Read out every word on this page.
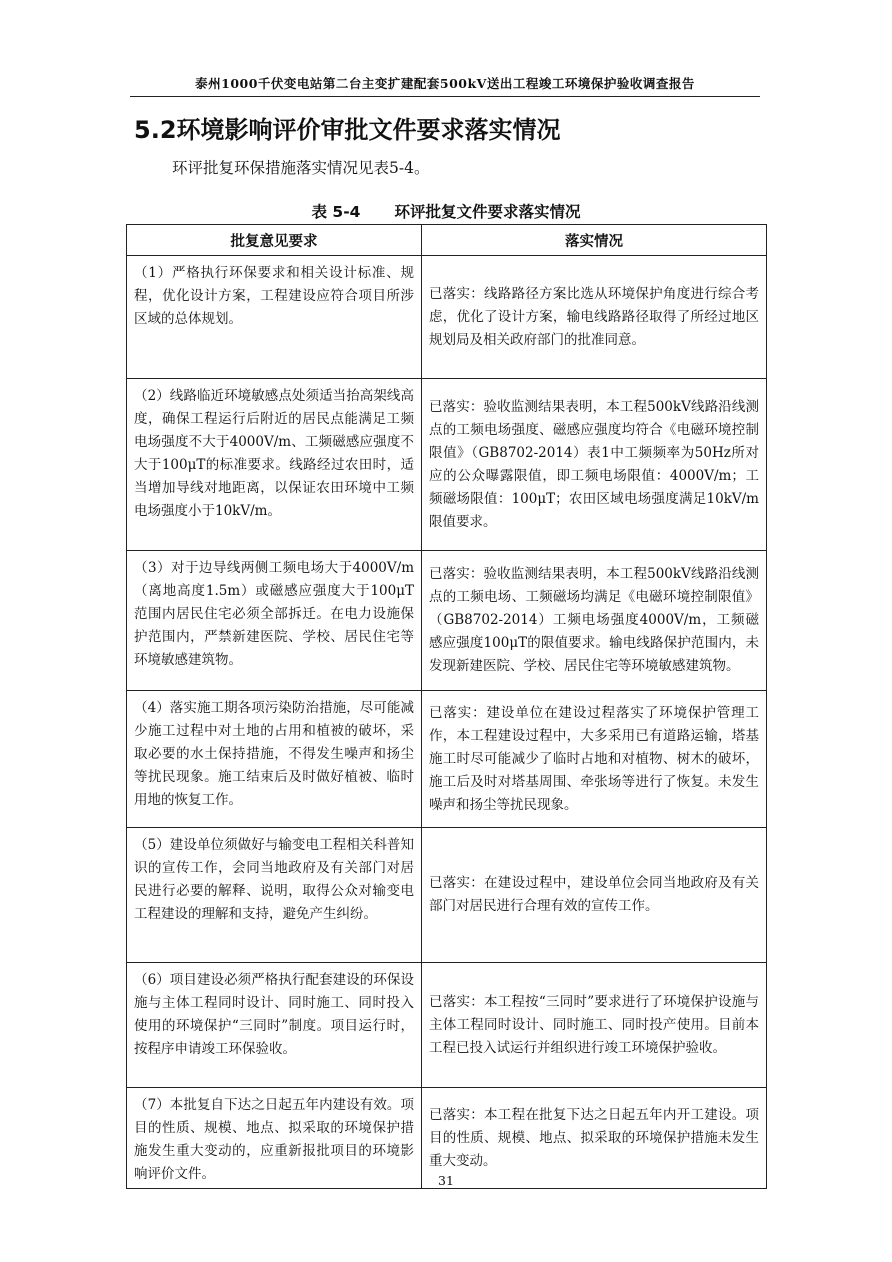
泰州1000千伏变电站第二台主变扩建配套500kV送出工程竣工环境保护验收调查报告
5.2环境影响评价审批文件要求落实情况
环评批复环保措施落实情况见表5-4。
表 5-4 环评批复文件要求落实情况
批复意见要求	落实情况
（1）严格执行环保要求和相关设计标准、规程，优化设计方案，工程建设应符合项目所涉区域的总体规划。	已落实：线路路径方案比选从环境保护角度进行综合考虑，优化了设计方案，输电线路路径取得了所经过地区规划局及相关政府部门的批准同意。
（2）线路临近环境敏感点处须适当抬高架线高度，确保工程运行后附近的居民点能满足工频电场强度不大于4000V/m、工频磁感应强度不大于100μT的标准要求。线路经过农田时，适当增加导线对地距离，以保证农田环境中工频电场强度小于10kV/m。	已落实：验收监测结果表明，本工程500kV线路沿线测点的工频电场强度、磁感应强度均符合《电磁环境控制限值》（GB8702-2014）表1中工频频率为50Hz所对应的公众曝露限值，即工频电场限值：4000V/m；工频磁场限值：100μT；农田区域电场强度满足10kV/m限值要求。
（3）对于边导线两侧工频电场大于4000V/m（离地高度1.5m）或磁感应强度大于100μT范围内居民住宅必须全部拆迁。在电力设施保护范围内，严禁新建医院、学校、居民住宅等环境敏感建筑物。	已落实：验收监测结果表明，本工程500kV线路沿线测点的工频电场、工频磁场均满足《电磁环境控制限值》（GB8702-2014）工频电场强度4000V/m，工频磁感应强度100μT的限值要求。输电线路保护范围内，未发现新建医院、学校、居民住宅等环境敏感建筑物。
（4）落实施工期各项污染防治措施，尽可能减少施工过程中对土地的占用和植被的破坏，采取必要的水土保持措施，不得发生噪声和扬尘等扰民现象。施工结束后及时做好植被、临时用地的恢复工作。	已落实：建设单位在建设过程落实了环境保护管理工作，本工程建设过程中，大多采用已有道路运输，塔基施工时尽可能减少了临时占地和对植物、树木的破坏，施工后及时对塔基周围、牵张场等进行了恢复。未发生噪声和扬尘等扰民现象。
（5）建设单位须做好与输变电工程相关科普知识的宣传工作，会同当地政府及有关部门对居民进行必要的解释、说明，取得公众对输变电工程建设的理解和支持，避免产生纠纷。	已落实：在建设过程中，建设单位会同当地政府及有关部门对居民进行合理有效的宣传工作。
（6）项目建设必须严格执行配套建设的环保设施与主体工程同时设计、同时施工、同时投入使用的环境保护“三同时”制度。项目运行时，按程序申请竣工环保验收。	已落实：本工程按“三同时”要求进行了环境保护设施与主体工程同时设计、同时施工、同时投产使用。目前本工程已投入试运行并组织进行竣工环境保护验收。
（7）本批复自下达之日起五年内建设有效。项目的性质、规模、地点、拟采取的环境保护措施发生重大变动的，应重新报批项目的环境影响评价文件。	已落实：本工程在批复下达之日起五年内开工建设。项目的性质、规模、地点、拟采取的环境保护措施未发生重大变动。
31
